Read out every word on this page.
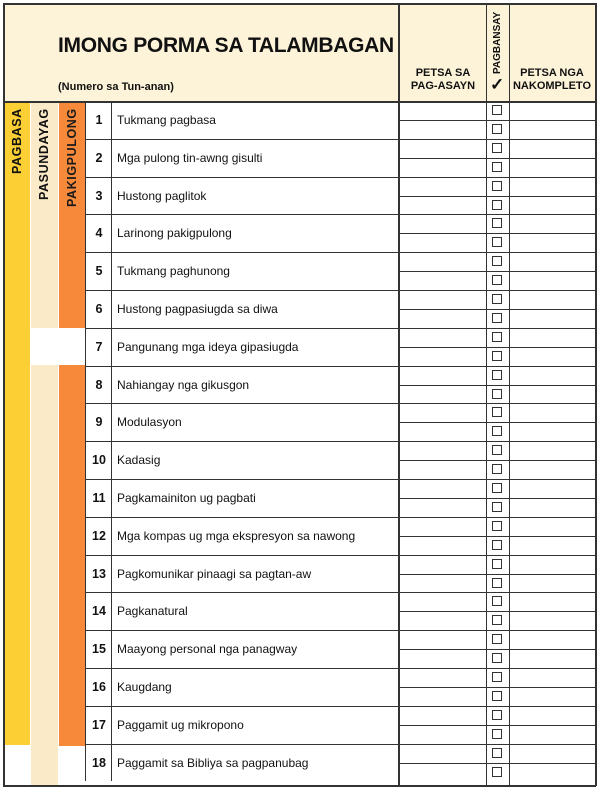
IMONG PORMA SA TALAMBAGAN
(Numero sa Tun-anan)
PETSA SA PAG-ASAYN
PAGBANSAY
✓
PETSA NGA NAKOMPLETO
PAGBASA PASUNDAYAG PAKIGPULONG	1	Tukmang pagbasa
2	Mga pulong tin-awng gisulti
3	Hustong paglitok
4	Larinong pakigpulong
5	Tukmang paghunong
6	Hustong pagpasiugda sa diwa
7	Pangunang mga ideya gipasiugda
8	Nahiangay nga gikusgon
9	Modulasyon
10 Kadasig
11 Pagkamainiton ug pagbati
12 Mga kompas ug mga ekspresyon sa nawong
13 Pagkomunikar pinaagi sa pagtan-aw
14 Pagkanatural
15 Maayong personal nga panagway
16 Kaugdang
17 Paggamit ug mikropono
18 Paggamit sa Bibliya sa pagpanubag
